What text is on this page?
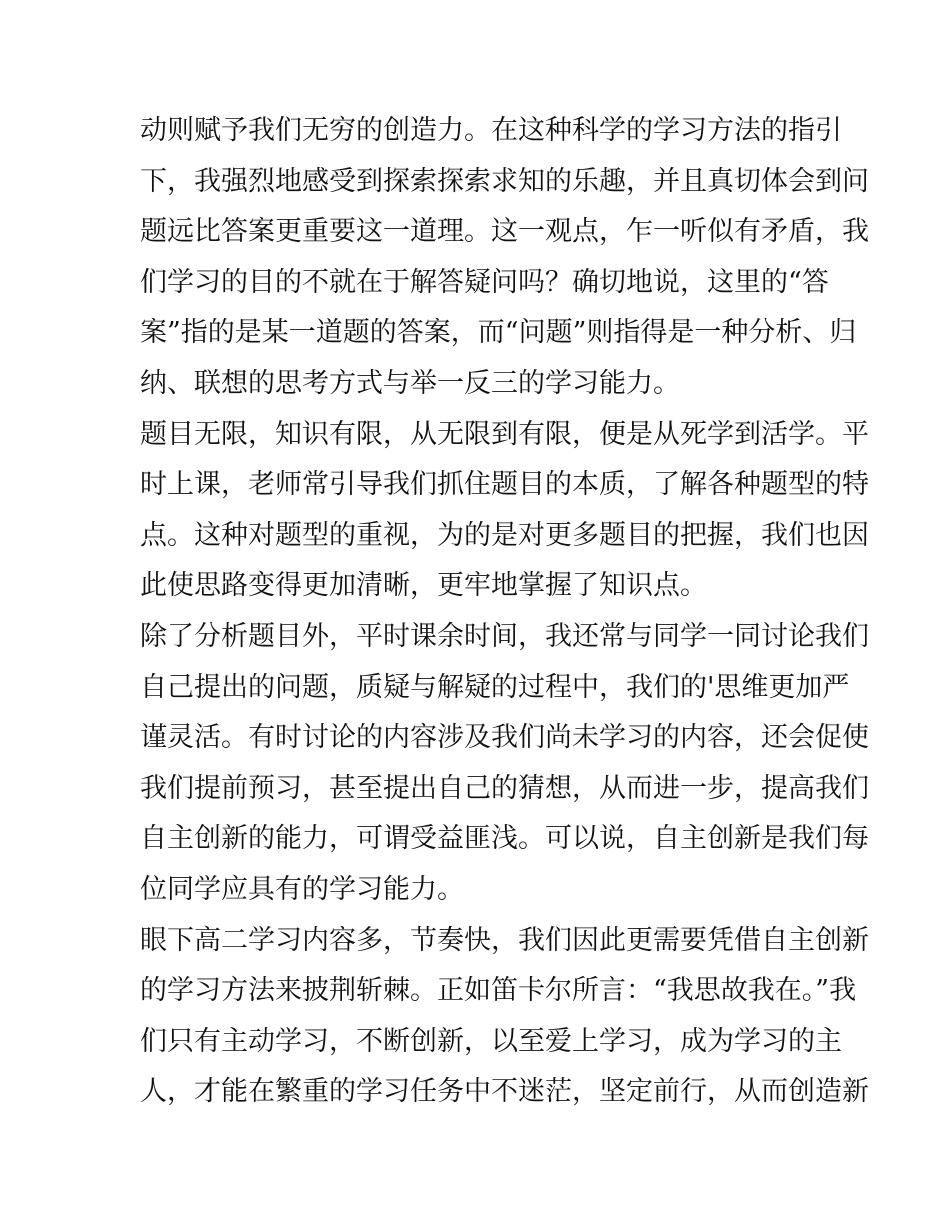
动则赋予我们无穷的创造力。在这种科学的学习方法的指引
下，我强烈地感受到探索探索求知的乐趣，并且真切体会到问
题远比答案更重要这一道理。这一观点，乍一听似有矛盾，我
们学习的目的不就在于解答疑问吗？确切地说，这里的“答
案”指的是某一道题的答案，而“问题”则指得是一种分析、归
纳、联想的思考方式与举一反三的学习能力。
题目无限，知识有限，从无限到有限，便是从死学到活学。平
时上课，老师常引导我们抓住题目的本质，了解各种题型的特
点。这种对题型的重视，为的是对更多题目的把握，我们也因
此使思路变得更加清晰，更牢地掌握了知识点。
除了分析题目外，平时课余时间，我还常与同学一同讨论我们
自己提出的问题，质疑与解疑的过程中，我们的'思维更加严
谨灵活。有时讨论的内容涉及我们尚未学习的内容，还会促使
我们提前预习，甚至提出自己的猜想，从而进一步，提高我们
自主创新的能力，可谓受益匪浅。可以说，自主创新是我们每
位同学应具有的学习能力。
眼下高二学习内容多，节奏快，我们因此更需要凭借自主创新
的学习方法来披荆斩棘。正如笛卡尔所言：“我思故我在。”我
们只有主动学习，不断创新，以至爱上学习，成为学习的主
人，才能在繁重的学习任务中不迷茫，坚定前行，从而创造新
